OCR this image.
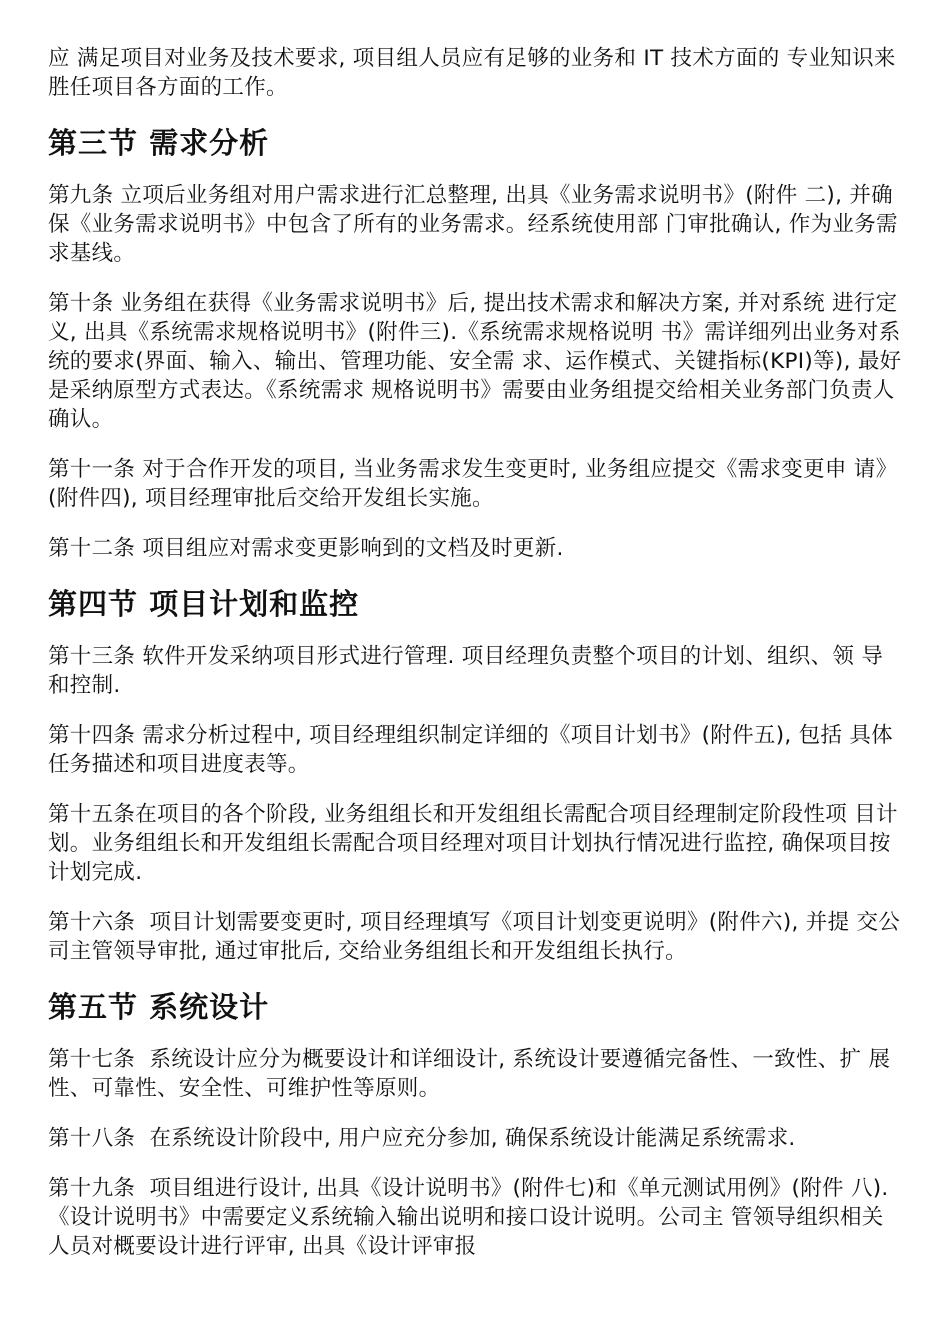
应 满足项目对业务及技术要求, 项目组人员应有足够的业务和 IT 技术方面的 专业知识来胜任项目各方面的工作。

第三节 需求分析

第九条 立项后业务组对用户需求进行汇总整理, 出具《业务需求说明书》(附件 二), 并确保《业务需求说明书》中包含了所有的业务需求。经系统使用部 门审批确认, 作为业务需求基线。

第十条 业务组在获得《业务需求说明书》后, 提出技术需求和解决方案, 并对系统 进行定义, 出具《系统需求规格说明书》(附件三).《系统需求规格说明 书》需详细列出业务对系统的要求(界面、输入、输出、管理功能、安全需 求、运作模式、关键指标(KPI)等), 最好是采纳原型方式表达。《系统需求 规格说明书》需要由业务组提交给相关业务部门负责人确认。

第十一条 对于合作开发的项目, 当业务需求发生变更时, 业务组应提交《需求变更申 请》(附件四), 项目经理审批后交给开发组长实施。

第十二条 项目组应对需求变更影响到的文档及时更新.

第四节 项目计划和监控

第十三条 软件开发采纳项目形式进行管理. 项目经理负责整个项目的计划、组织、领 导和控制.

第十四条 需求分析过程中, 项目经理组织制定详细的《项目计划书》(附件五), 包括 具体任务描述和项目进度表等。

第十五条在项目的各个阶段, 业务组组长和开发组组长需配合项目经理制定阶段性项 目计划。业务组组长和开发组组长需配合项目经理对项目计划执行情况进行监控, 确保项目按计划完成.

第十六条  项目计划需要变更时, 项目经理填写《项目计划变更说明》(附件六), 并提 交公司主管领导审批, 通过审批后, 交给业务组组长和开发组组长执行。

第五节 系统设计

第十七条  系统设计应分为概要设计和详细设计, 系统设计要遵循完备性、一致性、扩 展性、可靠性、安全性、可维护性等原则。

第十八条  在系统设计阶段中, 用户应充分参加, 确保系统设计能满足系统需求.

第十九条  项目组进行设计, 出具《设计说明书》(附件七)和《单元测试用例》(附件 八).《设计说明书》中需要定义系统输入输出说明和接口设计说明。公司主 管领导组织相关人员对概要设计进行评审, 出具《设计评审报
